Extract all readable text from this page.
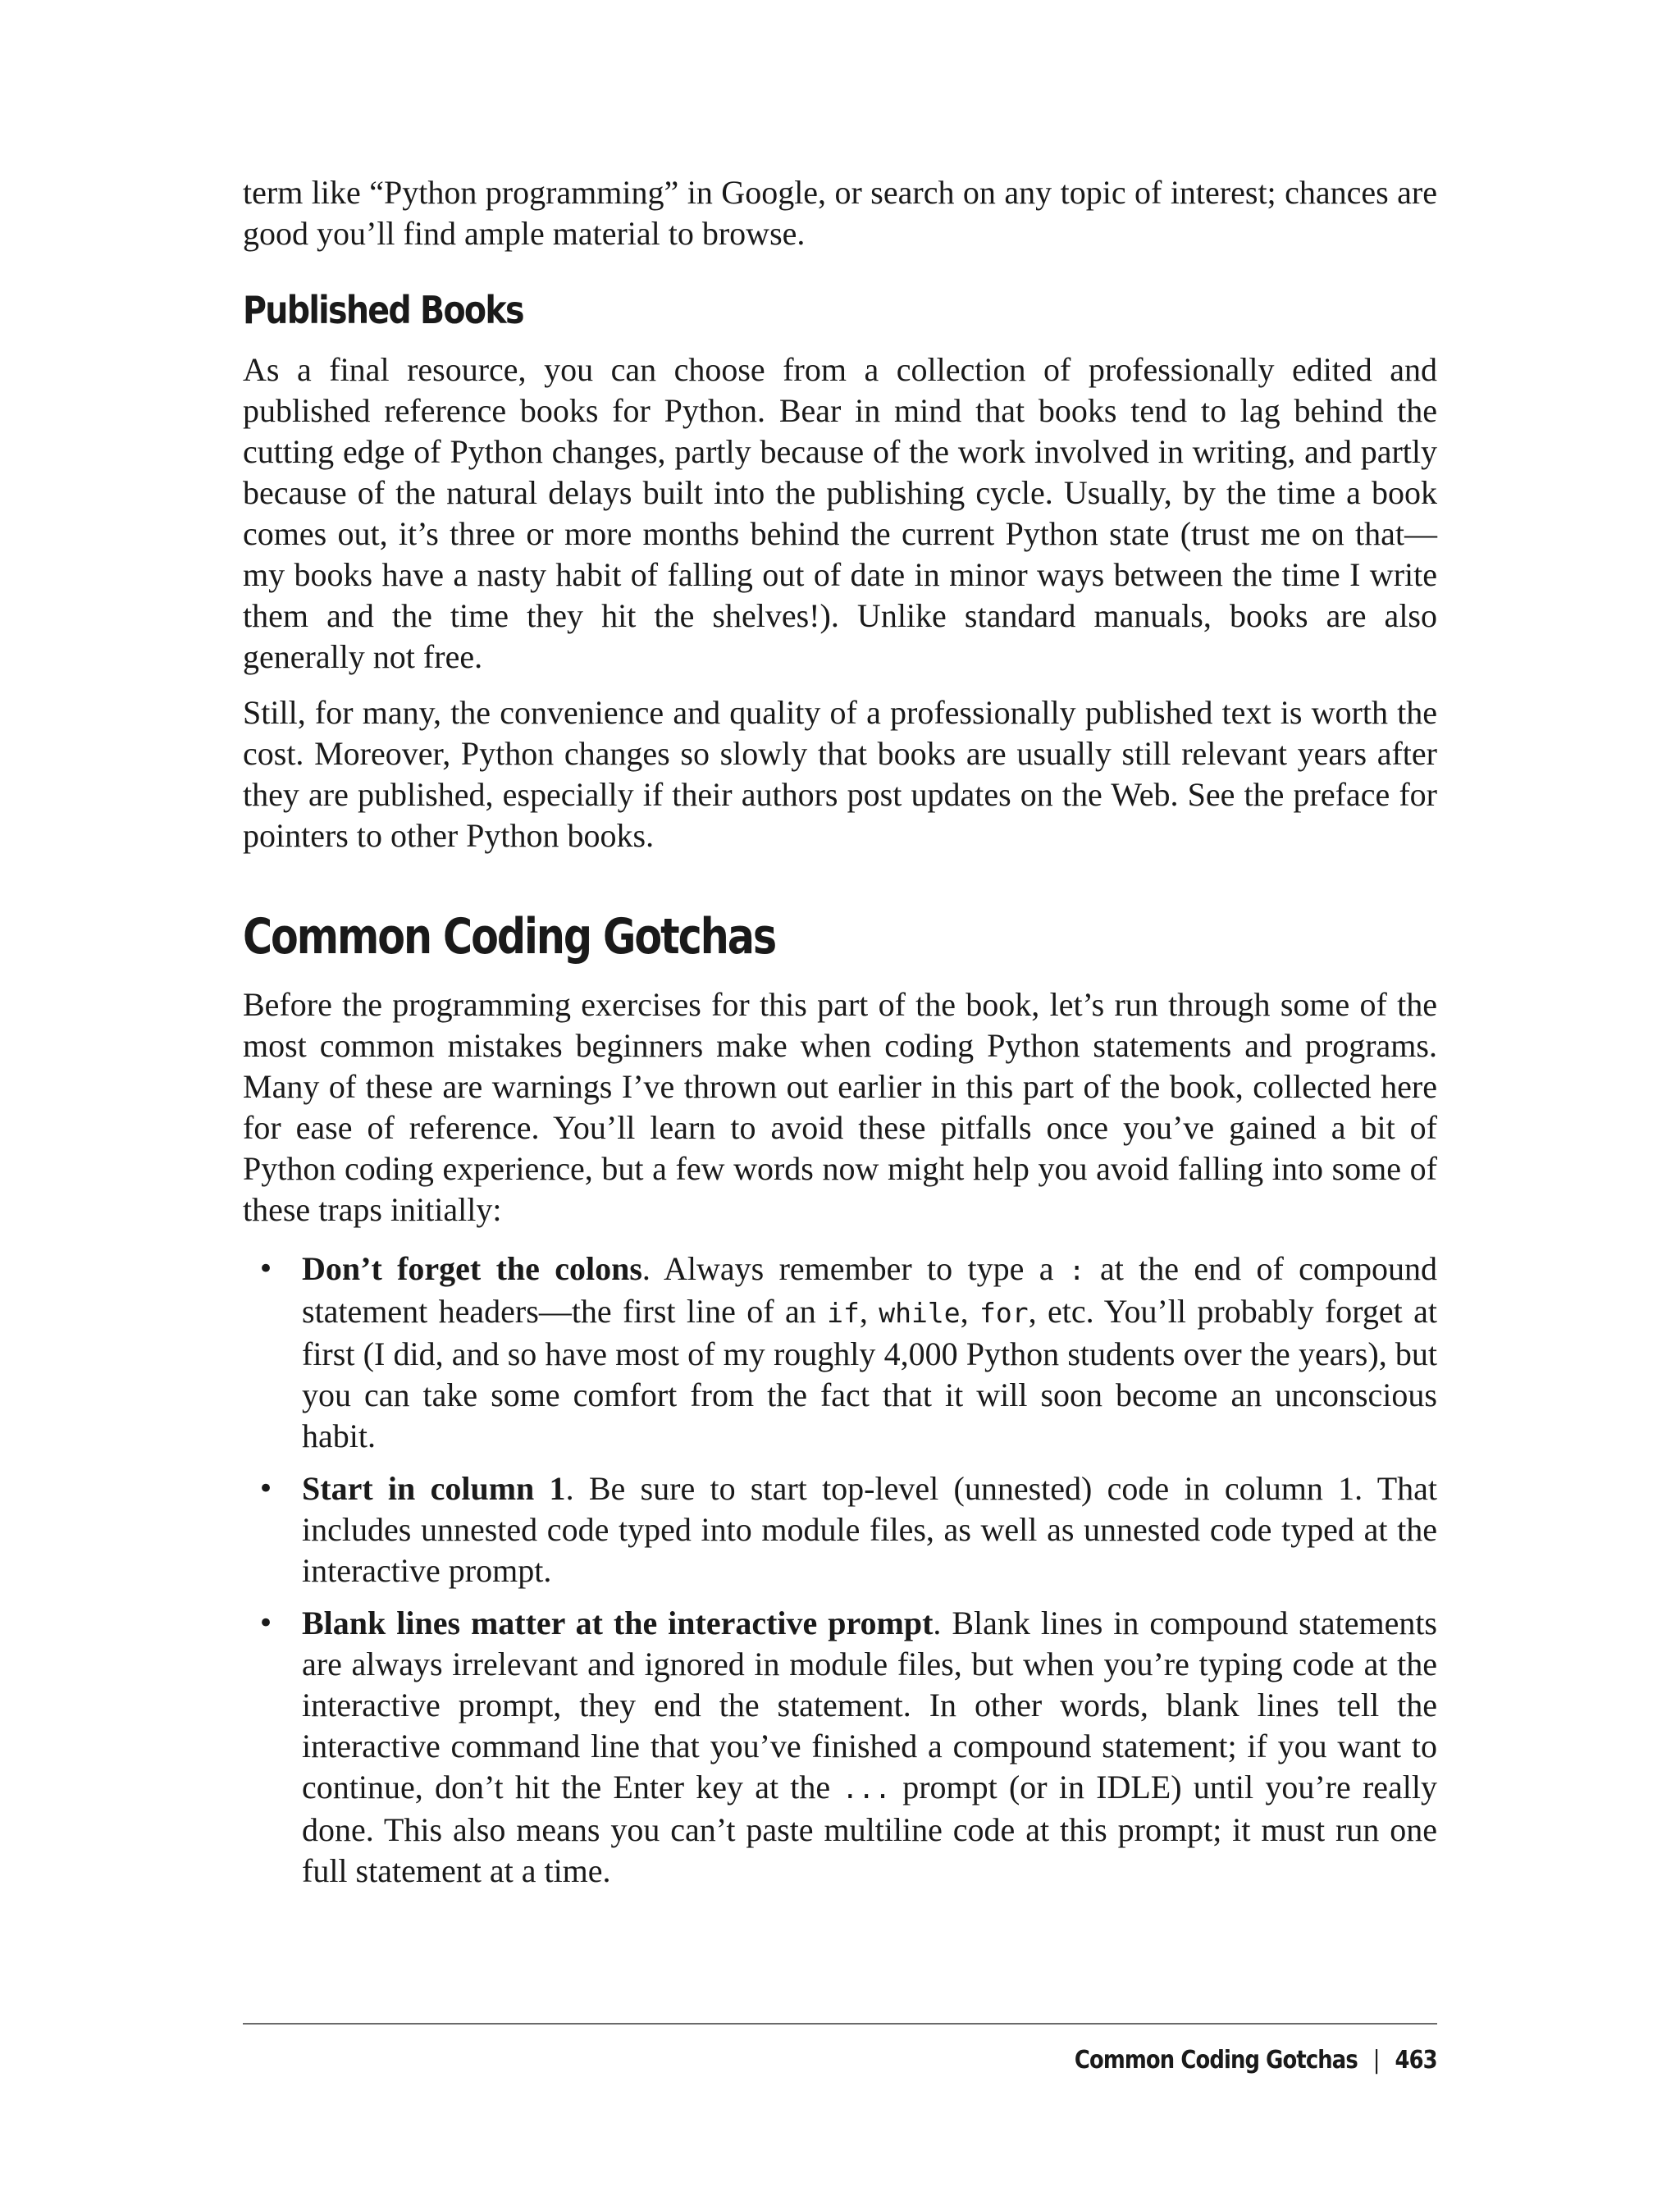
term like “Python programming” in Google, or search on any topic of interest; chances are good you’ll find ample material to browse.

Published Books

As a final resource, you can choose from a collection of professionally edited and published reference books for Python. Bear in mind that books tend to lag behind the cutting edge of Python changes, partly because of the work involved in writing, and partly because of the natural delays built into the publishing cycle. Usually, by the time a book comes out, it’s three or more months behind the current Python state (trust me on that—my books have a nasty habit of falling out of date in minor ways between the time I write them and the time they hit the shelves!). Unlike standard manuals, books are also generally not free.

Still, for many, the convenience and quality of a professionally published text is worth the cost. Moreover, Python changes so slowly that books are usually still relevant years after they are published, especially if their authors post updates on the Web. See the preface for pointers to other Python books.

Common Coding Gotchas

Before the programming exercises for this part of the book, let’s run through some of the most common mistakes beginners make when coding Python statements and programs. Many of these are warnings I’ve thrown out earlier in this part of the book, collected here for ease of reference. You’ll learn to avoid these pitfalls once you’ve gained a bit of Python coding experience, but a few words now might help you avoid falling into some of these traps initially:

• Don’t forget the colons. Always remember to type a : at the end of compound statement headers—the first line of an if, while, for, etc. You’ll probably forget at first (I did, and so have most of my roughly 4,000 Python students over the years), but you can take some comfort from the fact that it will soon become an unconscious habit.
• Start in column 1. Be sure to start top-level (unnested) code in column 1. That includes unnested code typed into module files, as well as unnested code typed at the interactive prompt.
• Blank lines matter at the interactive prompt. Blank lines in compound statements are always irrelevant and ignored in module files, but when you’re typing code at the interactive prompt, they end the statement. In other words, blank lines tell the interactive command line that you’ve finished a compound statement; if you want to continue, don’t hit the Enter key at the ... prompt (or in IDLE) until you’re really done. This also means you can’t paste multiline code at this prompt; it must run one full statement at a time.
Common Coding Gotchas | 463
